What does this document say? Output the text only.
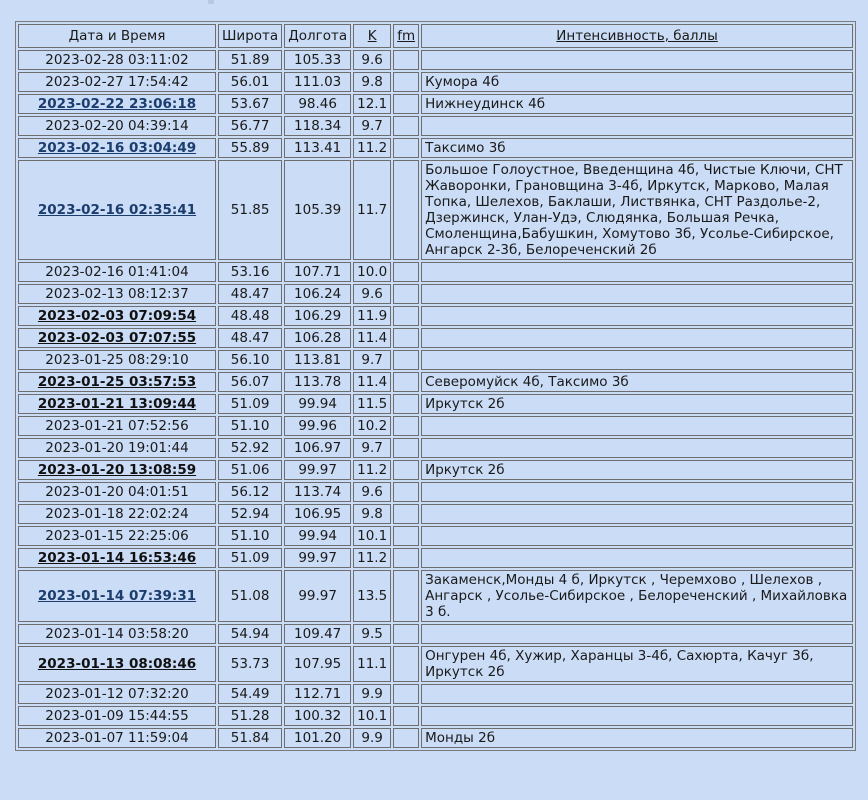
Дата и Время	Широта	Долгота	K	fm	Интенсивность, баллы
2023-02-28 03:11:02	51.89	105.33	9.6		
2023-02-27 17:54:42	56.01	111.03	9.8		Кумора 4б
2023-02-22 23:06:18	53.67	98.46	12.1		Нижнеудинск 4б
2023-02-20 04:39:14	56.77	118.34	9.7		
2023-02-16 03:04:49	55.89	113.41	11.2		Таксимо 3б
2023-02-16 02:35:41	51.85	105.39	11.7		Большое Голоустное, Введенщина 4б, Чистые Ключи, СНТ Жаворонки, Грановщина 3-4б, Иркутск, Марково, Малая Топка, Шелехов, Баклаши, Листвянка, СНТ Раздолье-2, Дзержинск, Улан-Удэ, Слюдянка, Большая Речка, Смоленщина,Бабушкин, Хомутово 3б, Усолье-Сибирское, Ангарск 2-3б, Белореченский 2б
2023-02-16 01:41:04	53.16	107.71	10.0		
2023-02-13 08:12:37	48.47	106.24	9.6		
2023-02-03 07:09:54	48.48	106.29	11.9		
2023-02-03 07:07:55	48.47	106.28	11.4		
2023-01-25 08:29:10	56.10	113.81	9.7		
2023-01-25 03:57:53	56.07	113.78	11.4		Северомуйск 4б, Таксимо 3б
2023-01-21 13:09:44	51.09	99.94	11.5		Иркутск 2б
2023-01-21 07:52:56	51.10	99.96	10.2		
2023-01-20 19:01:44	52.92	106.97	9.7		
2023-01-20 13:08:59	51.06	99.97	11.2		Иркутск 2б
2023-01-20 04:01:51	56.12	113.74	9.6		
2023-01-18 22:02:24	52.94	106.95	9.8		
2023-01-15 22:25:06	51.10	99.94	10.1		
2023-01-14 16:53:46	51.09	99.97	11.2		
2023-01-14 07:39:31	51.08	99.97	13.5		Закаменск,Монды 4 б, Иркутск , Черемхово , Шелехов , Ангарск , Усолье-Сибирское , Белореченский , Михайловка 3 б.
2023-01-14 03:58:20	54.94	109.47	9.5		
2023-01-13 08:08:46	53.73	107.95	11.1		Онгурен 4б, Хужир, Харанцы 3-4б, Сахюрта, Качуг 3б, Иркутск 2б
2023-01-12 07:32:20	54.49	112.71	9.9		
2023-01-09 15:44:55	51.28	100.32	10.1		
2023-01-07 11:59:04	51.84	101.20	9.9		Монды 2б
